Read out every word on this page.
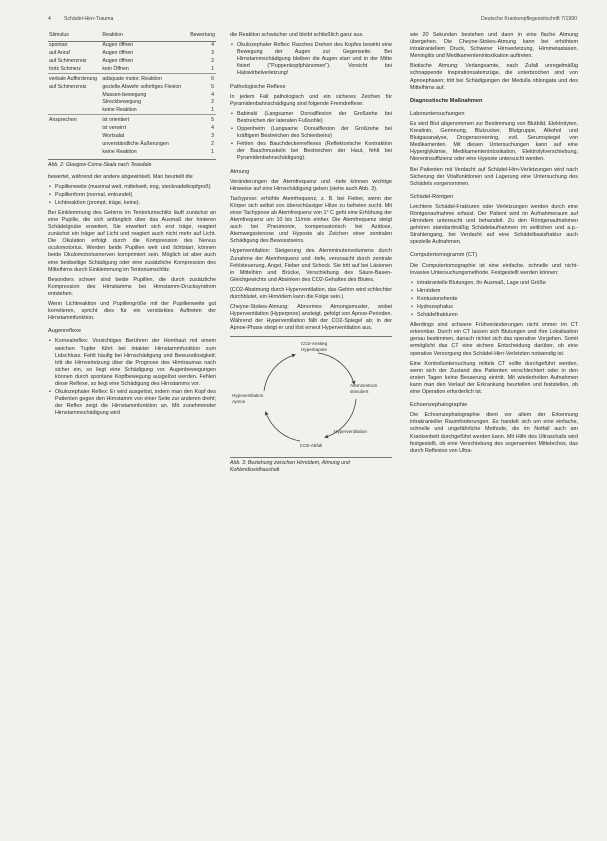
4	Schädel-Hirn-Trauma	Deutsche Krankenpflegezeitschrift 7/1990
Stimulus	Reaktion	Bewertung
spontan	Augen öffnen	4
auf Anruf	Augen öffnen	3
auf Schmerzreiz	Augen öffnen	2
trotz Schmerz	kein Öffnen	1
verbale Aufforderung	adäquate motor. Reaktion	6
auf Schmerzreiz	gezielte Abwehr sofortiges Flexion	5
	Massen-bewegung	4
	Streckbewegung	2
	keine Reaktion	1
Ansprechen	ist orientiert	5
	ist verwirrt	4
	Wortsalat	3
	unverständliche Äußerungen	2
	keine Reaktion	1
Abb. 2: Glasgow-Coma-Skala nach Teasdale

bewertet, während der andere abgewinkelt. Man beurteilt die

• Pupillenweite (maximal weit, mittelweit, eng, stecknadelkopfgroß)
• Pupillenform (normal, entrundet)
• Lichtreaktion (prompt, träge, keine).

Bei Einklemmung des Gehirns im Tentoriumschlitz läuft zunächst an eine Pupille, die sich anfänglich über das Ausmaß der hinteren Schädelgrube erweitert. Sie erweitert sich erst träge, reagiert zunächst ein träger auf Licht und reagiert auch nicht mehr auf Licht. Die Okulation erfolgt durch die Kompression des Nervus oculomotorius. Werden beide Pupillen weit und lichtstarr, können beide Okulomotoriusnerven komprimiert sein. Möglich ist aber auch eine beidseitige Schädigung oder eine zusätzliche Kompression des Mittelhirns durch Einklemmung im Tentoriumschlitz.

Besonders schwer sind beide Pupillen, die durch zusätzliche Kompression des Hirnstamms bei Hirnstamm-Drucksyndrom entstehen.

Wenn Lichtreaktion und Pupillengröße mit der Pupillenweite gut korrelieren, spricht dies für ein verstärktes Auftreten der Hirnstammfunktion.

Augenreflexe
• Kornealreflex: Vorsichtiges Berühren der Hornhaut mit einem weichen Tupfer führt bei intakter Hirnstammfunktion zum Lidschluss. Fehlt häufig bei Hirnschädigung und Bewusstlosigkeit; tritt die Hirnverletzung über die Prognose des Hirntraumas nach sicher ein, so liegt eine Schädigung vor. Augenbewegungen können durch spontane Kopfbewegung ausgelöst werden. Fehlen diese Reflexe, so liegt eine Schädigung des Hirnstamms vor.
• Okulozephaler Reflex: Er wird ausgelöst, indem man den Kopf des Patienten gegen den Hirnstamm von einer Seite zur anderen dreht; der Reflex zeigt die Hirnstammfunktion an. Mit zunehmender Hirnstammschädigung wird

die Reaktion schwächer und bleibt schließlich ganz aus.

• Okulozephaler Reflex: Rasches Drehen des Kopfes bewirkt eine Bewegung der Augen zur Gegenseite. Bei Hirnstammschädigung bleiben die Augen starr und in der Mitte fixiert ("Puppenkopfphänomen"). Vorsicht bei Halswirbelverletzung!
Pathologische Reflexe

In jedem Fall pathologisch und ein sicheres Zeichen für Pyramidenbahnschädigung sind folgende Fremdreflexe:

• Babinski (Langsamer Dorsalflexion der Großzehe bei Bestreichen der lateralen Fußsohle)
• Oppenheim (Langsame Dorsalflexion der Großzehe bei kräftigem Bestreichen des Schienbeins)
• Fehlen des Bauchdeckenreflexes (Reflektorische Kontraktion der Bauchmuskeln bei Bestreichen der Haut, fehlt bei Pyramidenbahnschädigung).
Atmung

Veränderungen der Atemfrequenz und -tiefe können wichtige Hinweise auf eine Hirnschädigung geben (siehe auch Abb. 3).

Tachypnoe: erhöhte Atemfrequenz, z. B. bei Fieber, wenn der Körper sich selbst von überschüssiger Hitze zu befreien sucht. Mit einer Tachypnoe ab Atemfrequenz von 1° C geht eine Erhöhung der Atemfrequenz um 10 bis 11/min einher. Die Atemfrequenz steigt auch bei Pneumonie, kompensatorisch bei Azidose, Atemwegsstenose und Hypoxie als Zeichen einer zentralen Schädigung des Bewusstseins.

Hyperventilation: Steigerung des Atemminutenvolumens durch Zunahme der Atemfrequenz und -tiefe, verursacht durch zentrale Fehlsteuerung, Angst, Fieber und Schock. Sie tritt auf bei Läsionen in Mittelhirn und Brücke, Verschiebung des Säure-Basen-Gleichgewichts und Absinken des CO2-Gehaltes des Blutes.

(CO2-Abatmung durch Hyperventilation, das Gehirn wird schlechter durchblutet, ein Hirnödem kann die Folge sein.)

Cheyne-Stokes-Atmung: Abnormes Atmungsmuster, wobei Hyperventilation (Hyperpnoe) ansteigt, gefolgt von Apnoe-Perioden. Während der Hyperventilation fällt der CO2-Spiegel ab; in der Apnoe-Phase steigt er und löst erneut Hyperventilation aus.

CO2-Anstieg Hyperkapnie
Atemzentrum stimuliert
Hyperventilation
CO2-Abfall
Hypoventilation Apnoe
Abb. 3: Beziehung zwischen Hirnödem, Atmung und Kohlendioxidhaushalt

wie 20 Sekunden bestehen und dann in eine flache Atmung übergehen. Die Cheyne-Stokes-Atmung kann bei erhöhtem intrakraniellem Druck, Schwerer Hirnverletzung, Hirnmetastasen, Meningitis und Medikamentenintoxikation auftreten.

Biotische Atmung: Verlangsamte, nach Zufall unregelmäßig schnappende Inspirationsatemzüge, die unterbrochen sind von Apnoephasen; tritt bei Schädigungen der Medulla oblongata und des Mittelhirns auf.

Diagnostische Maßnahmen
Laboruntersuchungen

Es wird Blut abgenommen zur Bestimmung von Blutbild, Elektrolyten, Kreatinin, Gerinnung, Blutzucker, Blutgruppe, Alkohol und Blutgasanalyse, Drogenscreening, evtl. Serumspiegel von Medikamenten. Mit diesen Untersuchungen kann auf eine Hyperglykämie, Medikamentenintoxikation, Elektrolytverschiebung, Niereninsuffizienz oder eine Hypoxie untersucht werden.

Bei Patienten mit Verdacht auf Schädel-Hirn-Verletzungen wird nach Sicherung der Vitalfunktionen und Lagerung eine Untersuchung des Schädels vorgenommen.

Schädel-Röntgen

Leichtere Schädel-Frakturen oder Verletzungen werden durch eine Röntgenaufnahme erfasst. Der Patient wird im Aufnahmeraum auf Hirnödem untersucht und behandelt. Zu den Röntgenaufnahmen gehören standardmäßig Schädelaufnahmen im seitlichen und a.p.-Strahlengang, bei Verdacht auf eine Schädelbasisfraktur auch spezielle Aufnahmen.

Computertomogramm (CT)

Die Computertomographie ist eine einfache, schnelle und nicht-invasive Untersuchungsmethode. Festgestellt werden können:

• intrakranielle Blutungen, ihr Ausmaß, Lage und Größe
• Hirnödem
• Kontusionsherde
• Hydrozephalus
• Schädelfrakturen

Allerdings sind schwere Frühveränderungen nicht immer im CT erkennbar. Durch ein CT lassen sich Blutungen und ihre Lokalisation genau bestimmen, danach richtet sich das operative Vorgehen. Somit ermöglicht das CT eine sichere Entscheidung darüber, ob eine operative Versorgung des Schädel-Hirn-Verletzten notwendig ist.

Eine Kontrolluntersuchung mittels CT sollte durchgeführt werden, wenn sich der Zustand des Patienten verschlechtert oder in den ersten Tagen keine Besserung eintritt. Mit wiederholten Aufnahmen kann man den Verlauf der Erkrankung beurteilen und feststellen, ob eine Operation erforderlich ist.

Echoenzephalographie

Die Echoenzephalographie dient vor allem der Erkennung intrakranieller Raumforderungen. Es handelt sich um eine einfache, schnelle und ungefährliche Methode, die im Notfall auch am Krankenbett durchgeführt werden kann. Mit Hilfe des Ultraschalls wird festgestellt, ob eine Verschiebung des sogenannten Mittelechos, das durch Reflexion von Ultra-
